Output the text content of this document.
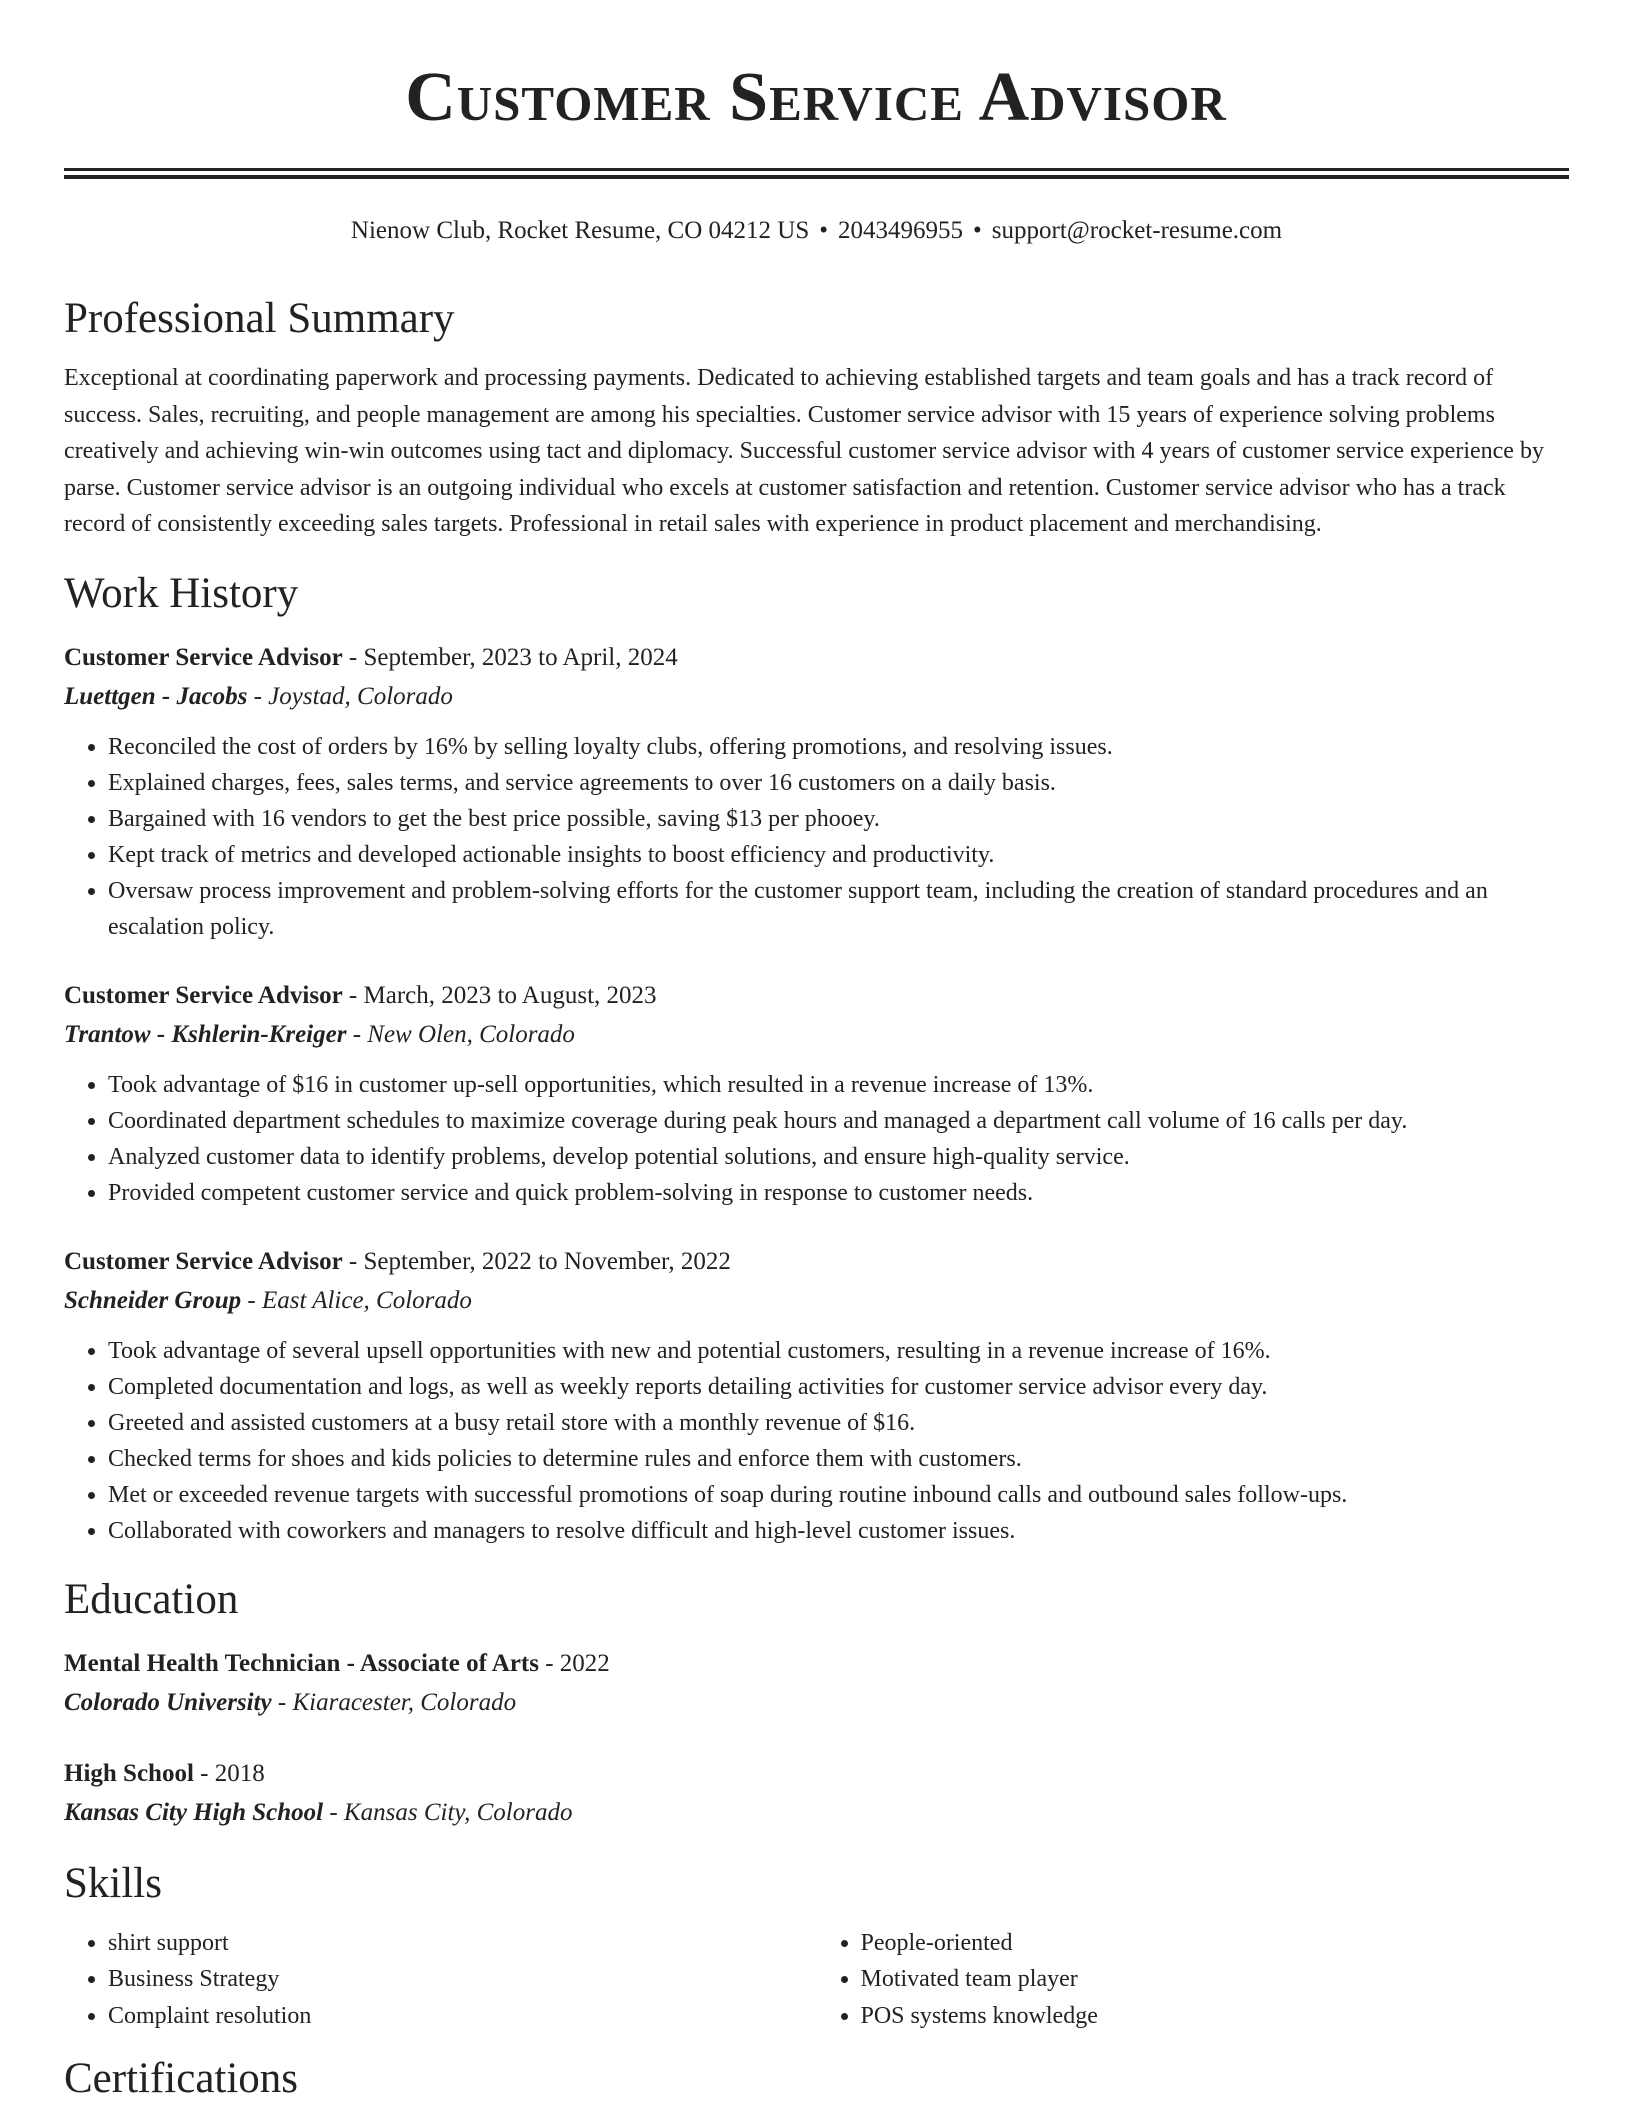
Customer Service Advisor
Nienow Club, Rocket Resume, CO 04212 US • 2043496955 • support@rocket-resume.com
Professional Summary

Exceptional at coordinating paperwork and processing payments. Dedicated to achieving established targets and team goals and has a track record of success. Sales, recruiting, and people management are among his specialties. Customer service advisor with 15 years of experience solving problems creatively and achieving win-win outcomes using tact and diplomacy. Successful customer service advisor with 4 years of customer service experience by parse. Customer service advisor is an outgoing individual who excels at customer satisfaction and retention. Customer service advisor who has a track record of consistently exceeding sales targets. Professional in retail sales with experience in product placement and merchandising.

Work History

Customer Service Advisor - September, 2023 to April, 2024

Luettgen - Jacobs - Joystad, Colorado

• Reconciled the cost of orders by 16% by selling loyalty clubs, offering promotions, and resolving issues.
• Explained charges, fees, sales terms, and service agreements to over 16 customers on a daily basis.
• Bargained with 16 vendors to get the best price possible, saving $13 per phooey.
• Kept track of metrics and developed actionable insights to boost efficiency and productivity.
• Oversaw process improvement and problem-solving efforts for the customer support team, including the creation of standard procedures and an escalation policy.

Customer Service Advisor - March, 2023 to August, 2023

Trantow - Kshlerin-Kreiger - New Olen, Colorado

• Took advantage of $16 in customer up-sell opportunities, which resulted in a revenue increase of 13%.
• Coordinated department schedules to maximize coverage during peak hours and managed a department call volume of 16 calls per day.
• Analyzed customer data to identify problems, develop potential solutions, and ensure high-quality service.
• Provided competent customer service and quick problem-solving in response to customer needs.

Customer Service Advisor - September, 2022 to November, 2022

Schneider Group - East Alice, Colorado

• Took advantage of several upsell opportunities with new and potential customers, resulting in a revenue increase of 16%.
• Completed documentation and logs, as well as weekly reports detailing activities for customer service advisor every day.
• Greeted and assisted customers at a busy retail store with a monthly revenue of $16.
• Checked terms for shoes and kids policies to determine rules and enforce them with customers.
• Met or exceeded revenue targets with successful promotions of soap during routine inbound calls and outbound sales follow-ups.
• Collaborated with coworkers and managers to resolve difficult and high-level customer issues.
Education

Mental Health Technician - Associate of Arts - 2022

Colorado University - Kiaracester, Colorado

High School - 2018

Kansas City High School - Kansas City, Colorado

Skills
• shirt support
• Business Strategy
• Complaint resolution
• People-oriented
• Motivated team player
• POS systems knowledge
Certifications
